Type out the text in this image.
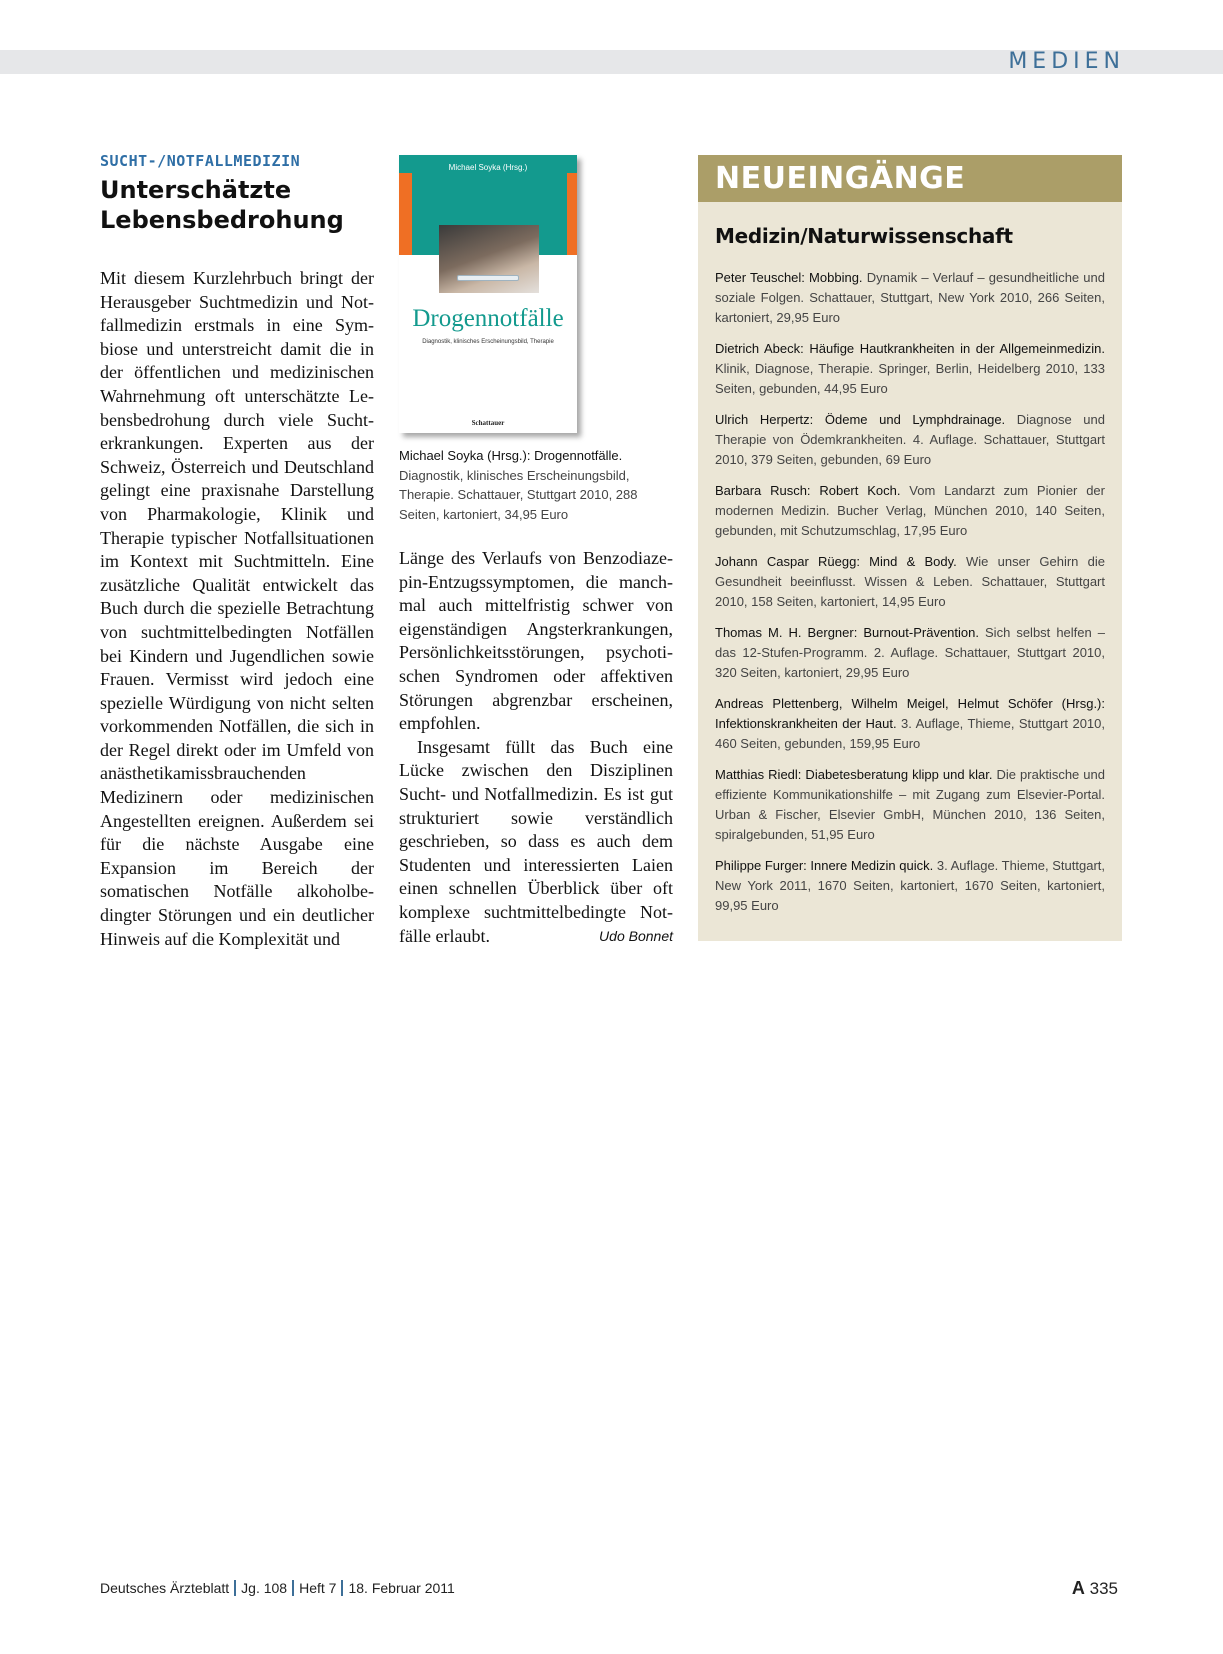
MEDIEN
SUCHT-/NOTFALLMEDIZIN
Unterschätzte Lebensbedrohung
Mit diesem Kurzlehrbuch bringt der Herausgeber Suchtmedizin und Notfallmedizin erstmals in eine Symbiose und unterstreicht damit die in der öffentlichen und medizinischen Wahrnehmung oft unterschätzte Lebensbedrohung durch viele Suchterkrankungen. Experten aus der Schweiz, Österreich und Deutschland gelingt eine praxisnahe Darstellung von Pharmakologie, Klinik und Therapie typischer Notfallsituationen im Kontext mit Suchtmitteln. Eine zusätzliche Qualität entwickelt das Buch durch die spezielle Betrachtung von suchtmittelbedingten Notfällen bei Kindern und Jugendlichen sowie Frauen. Vermisst wird jedoch eine spezielle Würdigung von nicht selten vorkommenden Notfällen, die sich in der Regel direkt oder im Umfeld von anästhetikamissbrauchenden Medizinern oder medizinischen Angestellten ereignen. Außerdem sei für die nächste Ausgabe eine Expansion im Bereich der somatischen Notfälle alkoholbedingter Störungen und ein deutlicher Hinweis auf die Komplexität und
Michael Soyka (Hrsg.)
Drogennotfälle
Diagnostik, klinisches Erscheinungsbild, Therapie
Schattauer
Michael Soyka (Hrsg.): Drogennotfälle.
Diagnostik, klinisches Erscheinungsbild, Therapie. Schattauer, Stuttgart 2010, 288 Seiten, kartoniert, 34,95 Euro

Länge des Verlaufs von Benzodiazepin-Entzugssymptomen, die manchmal auch mittelfristig schwer von eigenständigen Angsterkrankungen, Persönlichkeitsstörungen, psychotischen Syndromen oder affektiven Störungen abgrenzbar erscheinen, empfohlen.

Insgesamt füllt das Buch eine Lücke zwischen den Disziplinen Sucht- und Notfallmedizin. Es ist gut strukturiert sowie verständlich geschrieben, so dass es auch dem Studenten und interessierten Laien einen schnellen Überblick über oft komplexe suchtmittelbedingte Notfälle erlaubt.	Udo Bonnet

NEUEINGÄNGE
Medizin/Naturwissenschaft

Peter Teuschel: Mobbing. Dynamik – Verlauf – gesundheitliche und soziale Folgen. Schattauer, Stuttgart, New York 2010, 266 Seiten, kartoniert, 29,95 Euro

Dietrich Abeck: Häufige Hautkrankheiten in der Allgemeinmedizin. Klinik, Diagnose, Therapie. Springer, Berlin, Heidelberg 2010, 133 Seiten, gebunden, 44,95 Euro

Ulrich Herpertz: Ödeme und Lymphdrainage. Diagnose und Therapie von Ödemkrankheiten. 4. Auflage. Schattauer, Stuttgart 2010, 379 Seiten, gebunden, 69 Euro

Barbara Rusch: Robert Koch. Vom Landarzt zum Pionier der modernen Medizin. Bucher Verlag, München 2010, 140 Seiten, gebunden, mit Schutzumschlag, 17,95 Euro

Johann Caspar Rüegg: Mind & Body. Wie unser Gehirn die Gesundheit beeinflusst. Wissen & Leben. Schattauer, Stuttgart 2010, 158 Seiten, kartoniert, 14,95 Euro

Thomas M. H. Bergner: Burnout-Prävention. Sich selbst helfen – das 12-Stufen-Programm. 2. Auflage. Schattauer, Stuttgart 2010, 320 Seiten, kartoniert, 29,95 Euro

Andreas Plettenberg, Wilhelm Meigel, Helmut Schöfer (Hrsg.): Infektionskrankheiten der Haut. 3. Auflage, Thieme, Stuttgart 2010, 460 Seiten, gebunden, 159,95 Euro

Matthias Riedl: Diabetesberatung klipp und klar. Die praktische und effiziente Kommunikationshilfe – mit Zugang zum Elsevier-Portal. Urban & Fischer, Elsevier GmbH, München 2010, 136 Seiten, spiralgebunden, 51,95 Euro

Philippe Furger: Innere Medizin quick. 3. Auflage. Thieme, Stuttgart, New York 2011, 1670 Seiten, kartoniert, 1670 Seiten, kartoniert, 99,95 Euro

Deutsches Ärzteblatt Jg. 108 Heft 7 18. Februar 2011	A 335
